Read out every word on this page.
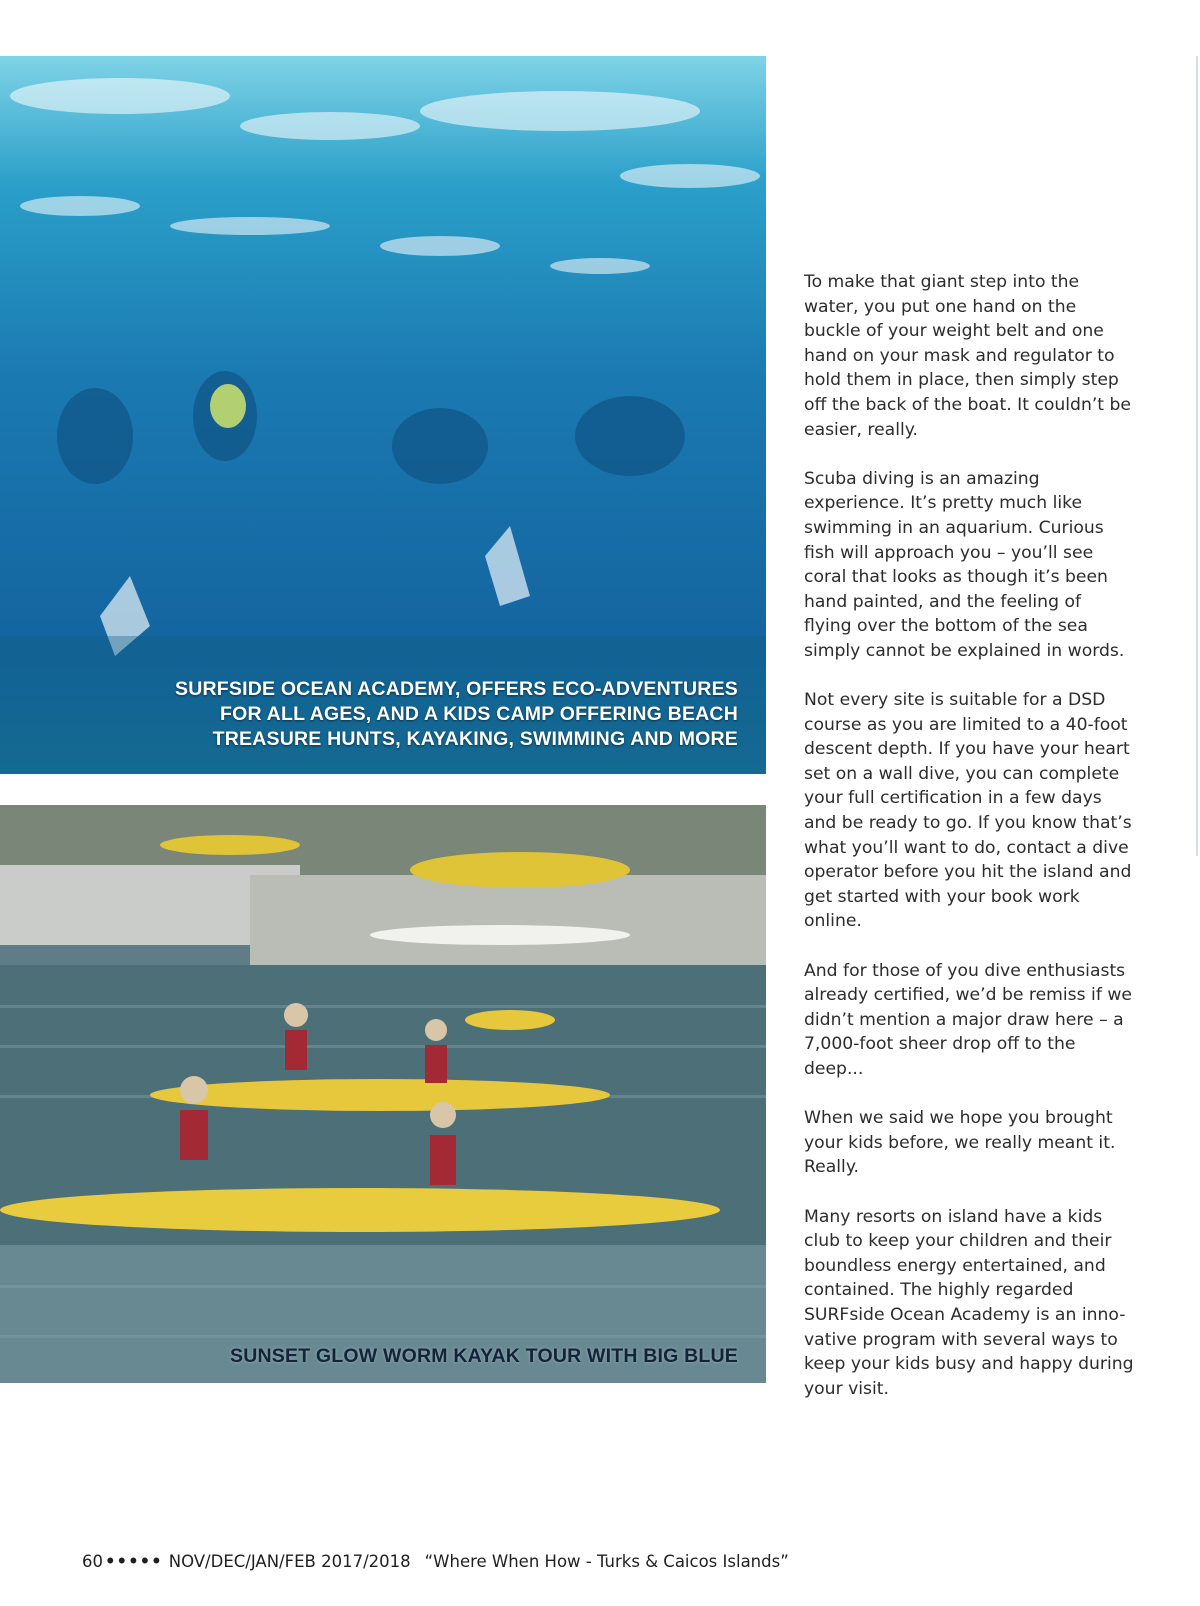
SURFSIDE OCEAN ACADEMY, OFFERS ECO-ADVENTURES
FOR ALL AGES, AND A KIDS CAMP OFFERING BEACH
TREASURE HUNTS, KAYAKING, SWIMMING AND MORE
SUNSET GLOW WORM KAYAK TOUR WITH BIG BLUE

To make that giant step into the water, you put one hand on the buckle of your weight belt and one hand on your mask and regulator to hold them in place, then simply step off the back of the boat. It couldn’t be easier, really.

Scuba diving is an amazing experience. It’s pretty much like swimming in an aquarium. Curious fish will approach you – you’ll see coral that looks as though it’s been hand painted, and the feeling of flying over the bottom of the sea simply cannot be explained in words.

Not every site is suitable for a DSD course as you are limited to a 40-foot descent depth. If you have your heart set on a wall dive, you can complete your full certification in a few days and be ready to go. If you know that’s what you’ll want to do, contact a dive operator before you hit the island and get started with your book work online.

And for those of you dive enthusiasts already certified, we’d be remiss if we didn’t mention a major draw here – a 7,000-foot sheer drop off to the deep...

When we said we hope you brought your kids before, we really meant it. Really.

Many resorts on island have a kids club to keep your children and their boundless energy entertained, and contained. The highly regarded SURFside Ocean Academy is an inno-vative program with several ways to keep your kids busy and happy during your visit.

60 ••••• NOV/DEC/JAN/FEB 2017/2018 “Where When How - Turks & Caicos Islands”
